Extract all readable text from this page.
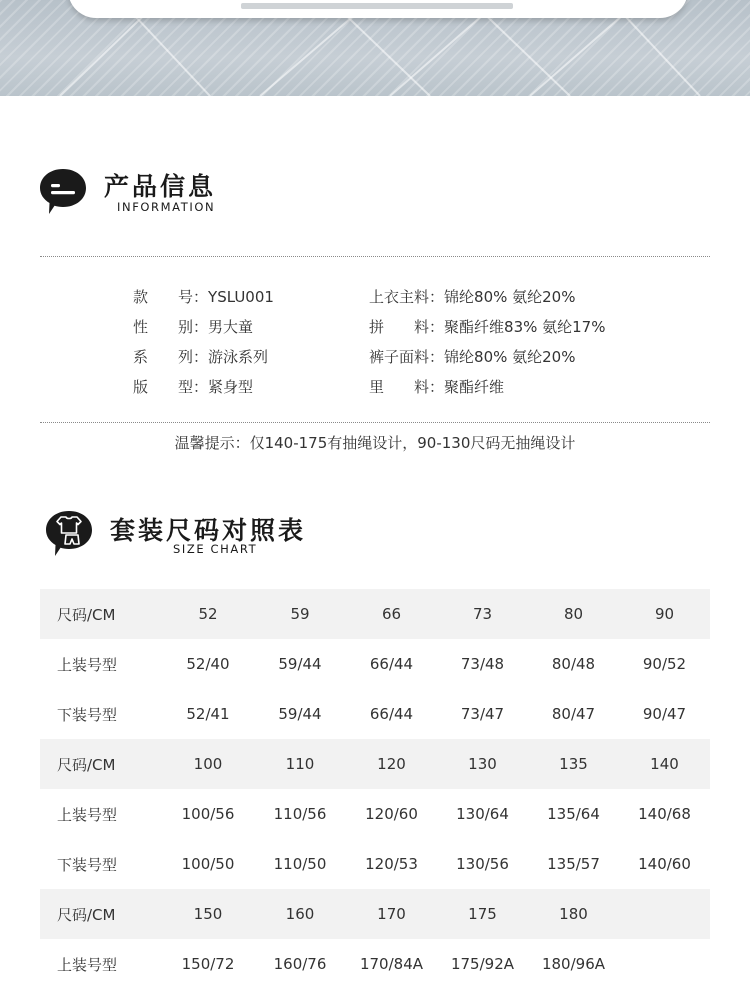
产品信息
INFORMATION
款　　号：YSLU001
性　　别：男大童
系　　列：游泳系列
版　　型：紧身型
上衣主料：锦纶80% 氨纶20%
拼　　料：聚酯纤维83% 氨纶17%
裤子面料：锦纶80% 氨纶20%
里　　料：聚酯纤维
温馨提示：仅140-175有抽绳设计，90-130尺码无抽绳设计
套装尺码对照表
SIZE CHART
尺码/CM	52	59	66	73	80	90
上装号型	52/40	59/44	66/44	73/48	80/48	90/52
下装号型	52/41	59/44	66/44	73/47	80/47	90/47
尺码/CM	100	110	120	130	135	140
上装号型	100/56	110/56	120/60	130/64	135/64	140/68
下装号型	100/50	110/50	120/53	130/56	135/57	140/60
尺码/CM	150	160	170	175	180	
上装号型	150/72	160/76	170/84A	175/92A	180/96A	
